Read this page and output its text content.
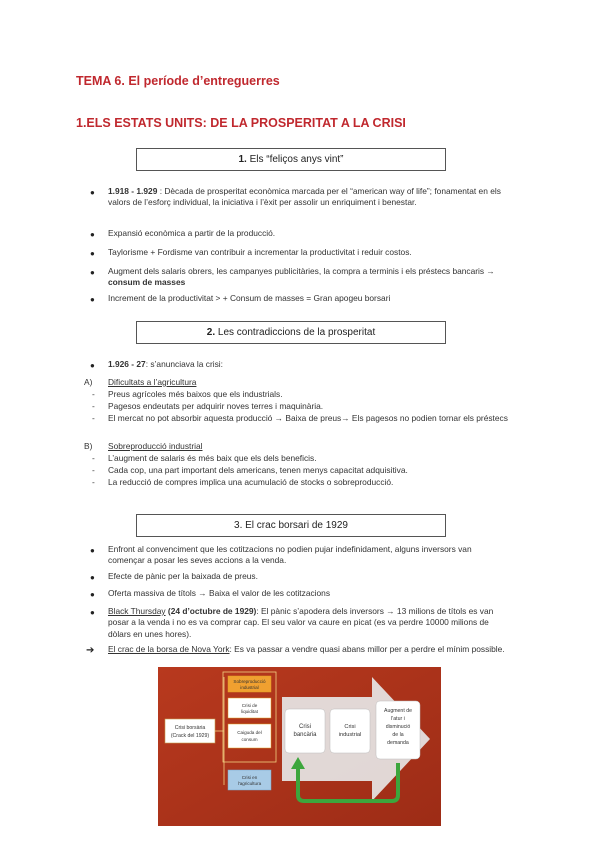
TEMA 6. El període d’entreguerres
1.ELS ESTATS UNITS: DE LA PROSPERITAT A LA CRISI
1. Els “feliços anys vint”
● 1.918 - 1.929 : Dècada de prosperitat econòmica marcada per el “american way of life”; fonamentat en els valors de l’esforç individual, la iniciativa i l’èxit per assolir un enriquiment i benestar.
● Expansió econòmica a partir de la producció.
● Taylorisme + Fordisme van contribuir a incrementar la productivitat i reduir costos.
● Augment dels salaris obrers, les campanyes publicitàries, la compra a terminis i els préstecs bancaris → consum de masses
● Increment de la productivitat > + Consum de masses = Gran apogeu borsari
2. Les contradiccions de la prosperitat
● 1.926 - 27: s’anunciava la crisi:
A) Dificultats a l’agricultura
- Preus agrícoles més baixos que els industrials.
- Pagesos endeutats per adquirir noves terres i maquinària.
- El mercat no pot absorbir aquesta producció → Baixa de preus→ Els pagesos no podien tornar els préstecs
B) Sobreproducció industrial
- L’augment de salaris és més baix que els dels beneficis.
- Cada cop, una part important dels americans, tenen menys capacitat adquisitiva.
- La reducció de compres implica una acumulació de stocks o sobreproducció.
3. El crac borsari de 1929
● Enfront al convenciment que les cotitzacions no podien pujar indefinidament, alguns inversors van començar a posar les seves accions a la venda.
● Efecte de pànic per la baixada de preus.
● Oferta massiva de títols → Baixa el valor de les cotitzacions
● Black Thursday (24 d’octubre de 1929): El pànic s’apodera dels inversors → 13 milions de títols es van posar a la venda i no es va comprar cap. El seu valor va caure en picat (es va perdre 10000 milions de dòlars en unes hores).
➔ El crac de la borsa de Nova York: Es va passar a vendre quasi abans millor per a perdre el mínim possible.
Crisi borsària
(Crack del 1929)
Sobreproducció
industrial
Crisi de
liquiditat
Caiguda del
consum
Crisi en
l'agricultura
Crisi
bancària
Crisi
industrial
Augment de
l'atur i
disminució
de la
demanda
